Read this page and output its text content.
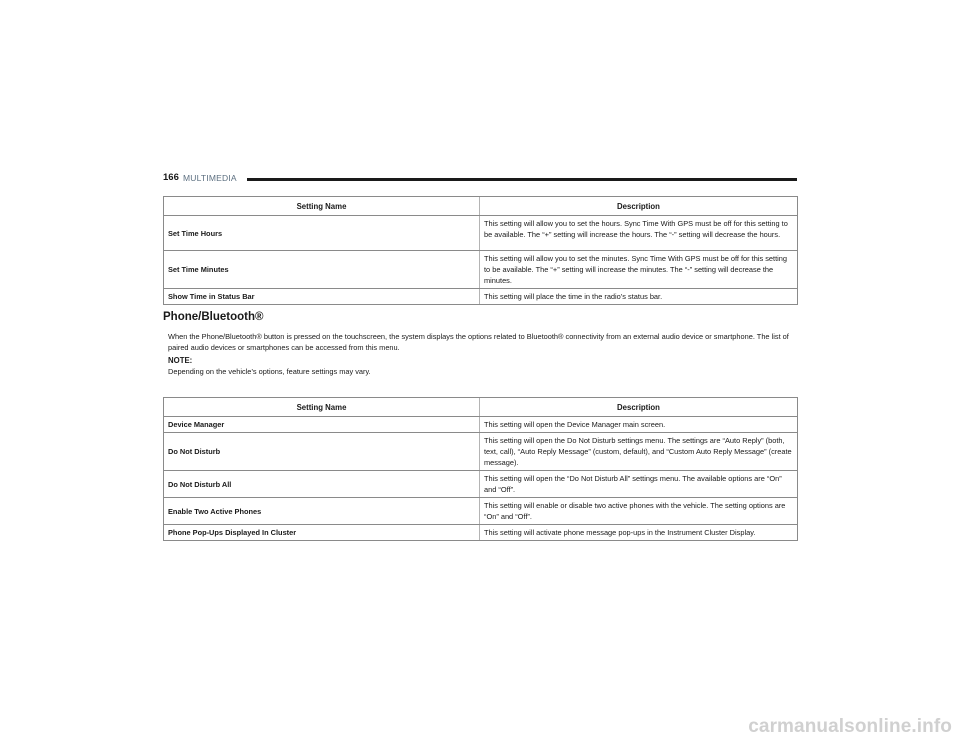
166 MULTIMEDIA
Setting Name	Description
Set Time Hours	This setting will allow you to set the hours. Sync Time With GPS must be off for this setting to be available. The “+” setting will increase the hours. The “-” setting will decrease the hours.
Set Time Minutes	This setting will allow you to set the minutes. Sync Time With GPS must be off for this setting to be available. The “+” setting will increase the minutes. The “-” setting will decrease the minutes.
Show Time in Status Bar	This setting will place the time in the radio’s status bar.
Phone/Bluetooth®
When the Phone/Bluetooth® button is pressed on the touchscreen, the system displays the options related to Bluetooth® connectivity from an external audio device or smartphone. The list of paired audio devices or smartphones can be accessed from this menu.
NOTE:
Depending on the vehicle’s options, feature settings may vary.
Setting Name	Description
Device Manager	This setting will open the Device Manager main screen.
Do Not Disturb	This setting will open the Do Not Disturb settings menu. The settings are “Auto Reply” (both, text, call), “Auto Reply Message” (custom, default), and “Custom Auto Reply Message” (create message).
Do Not Disturb All	This setting will open the “Do Not Disturb All” settings menu. The available options are “On” and “Off”.
Enable Two Active Phones	This setting will enable or disable two active phones with the vehicle. The setting options are “On” and “Off”.
Phone Pop-Ups Displayed In Cluster	This setting will activate phone message pop-ups in the Instrument Cluster Display.
carmanualsonline.info
